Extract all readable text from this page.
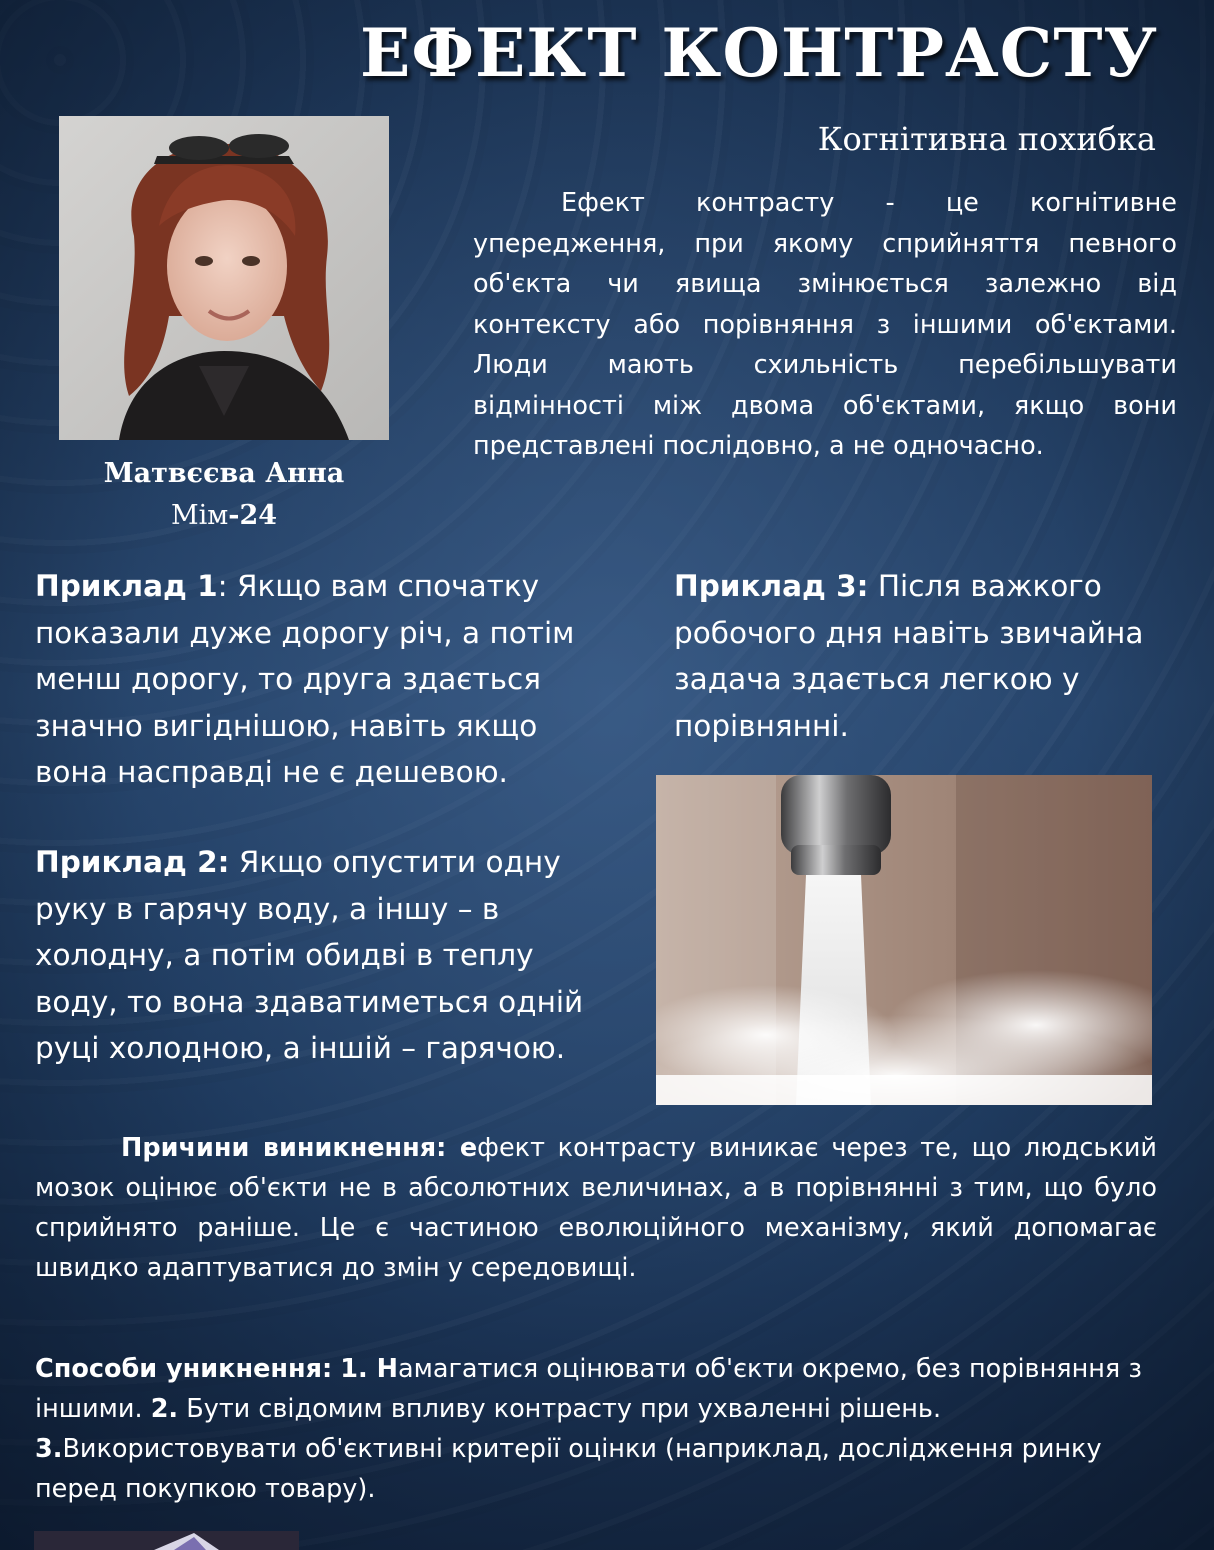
ЕФЕКТ КОНТРАСТУ
Когнітивна похибка
Матвєєва Анна
Мім-24

Ефект контрасту - це когнітивне упередження, при якому сприйняття певного об'єкта чи явища змінюється залежно від контексту або порівняння з іншими об'єктами. Люди мають схильність перебільшувати відмінності між двома об'єктами, якщо вони представлені послідовно, а не одночасно.

Приклад 1: Якщо вам спочатку показали дуже дорогу річ, а потім менш дорогу, то друга здається значно вигіднішою, навіть якщо вона насправді не є дешевою.

Приклад 2: Якщо опустити одну руку в гарячу воду, а іншу – в холодну, а потім обидві в теплу воду, то вона здаватиметься одній руці холодною, а іншій – гарячою.

Приклад 3: Після важкого робочого дня навіть звичайна задача здається легкою у порівнянні.

Причини виникнення: ефект контрасту виникає через те, що людський мозок оцінює об'єкти не в абсолютних величинах, а в порівнянні з тим, що було сприйнято раніше. Це є частиною еволюційного механізму, який допомагає швидко адаптуватися до змін у середовищі.

Способи уникнення: 1. Намагатися оцінювати об'єкти окремо, без порівняння з іншими. 2. Бути свідомим впливу контрасту при ухваленні рішень. 3.Використовувати об'єктивні критерії оцінки (наприклад, дослідження ринку перед покупкою товару).
